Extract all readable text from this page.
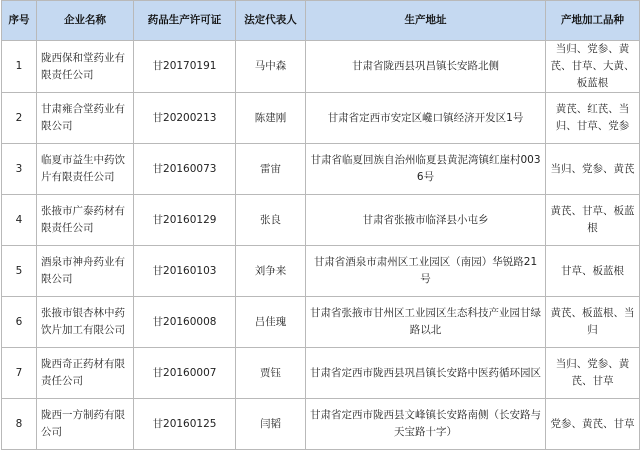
序号	企业名称	药品生产许可证	法定代表人	生产地址	产地加工品种
1	陇西保和堂药业有限责任公司	甘20170191	马中森	甘肃省陇西县巩昌镇长安路北侧	当归、党参、黄芪、甘草、大黄、板蓝根
2	甘肃雍合堂药业有限公司	甘20200213	陈建刚	甘肃省定西市安定区巉口镇经济开发区1号	黄芪、红芪、当归、甘草、党参
3	临夏市益生中药饮片有限责任公司	甘20160073	雷宙	甘肃省临夏回族自治州临夏县黄泥湾镇红崖村0036号	当归、党参、黄芪
4	张掖市广泰药材有限责任公司	甘20160129	张良	甘肃省张掖市临泽县小屯乡	黄芪、甘草、板蓝根
5	酒泉市神舟药业有限公司	甘20160103	刘争来	甘肃省酒泉市肃州区工业园区（南园）华锐路21号	甘草、板蓝根
6	张掖市银杏林中药饮片加工有限公司	甘20160008	吕佳瑰	甘肃省张掖市甘州区工业园区生态科技产业园甘绿路以北	黄芪、板蓝根、当归
7	陇西奇正药材有限责任公司	甘20160007	贾钰	甘肃省定西市陇西县巩昌镇长安路中医药循环园区	当归、党参、黄芪、甘草
8	陇西一方制药有限公司	甘20160125	闫韬	甘肃省定西市陇西县文峰镇长安路南侧（长安路与天宝路十字）	党参、黄芪、甘草
